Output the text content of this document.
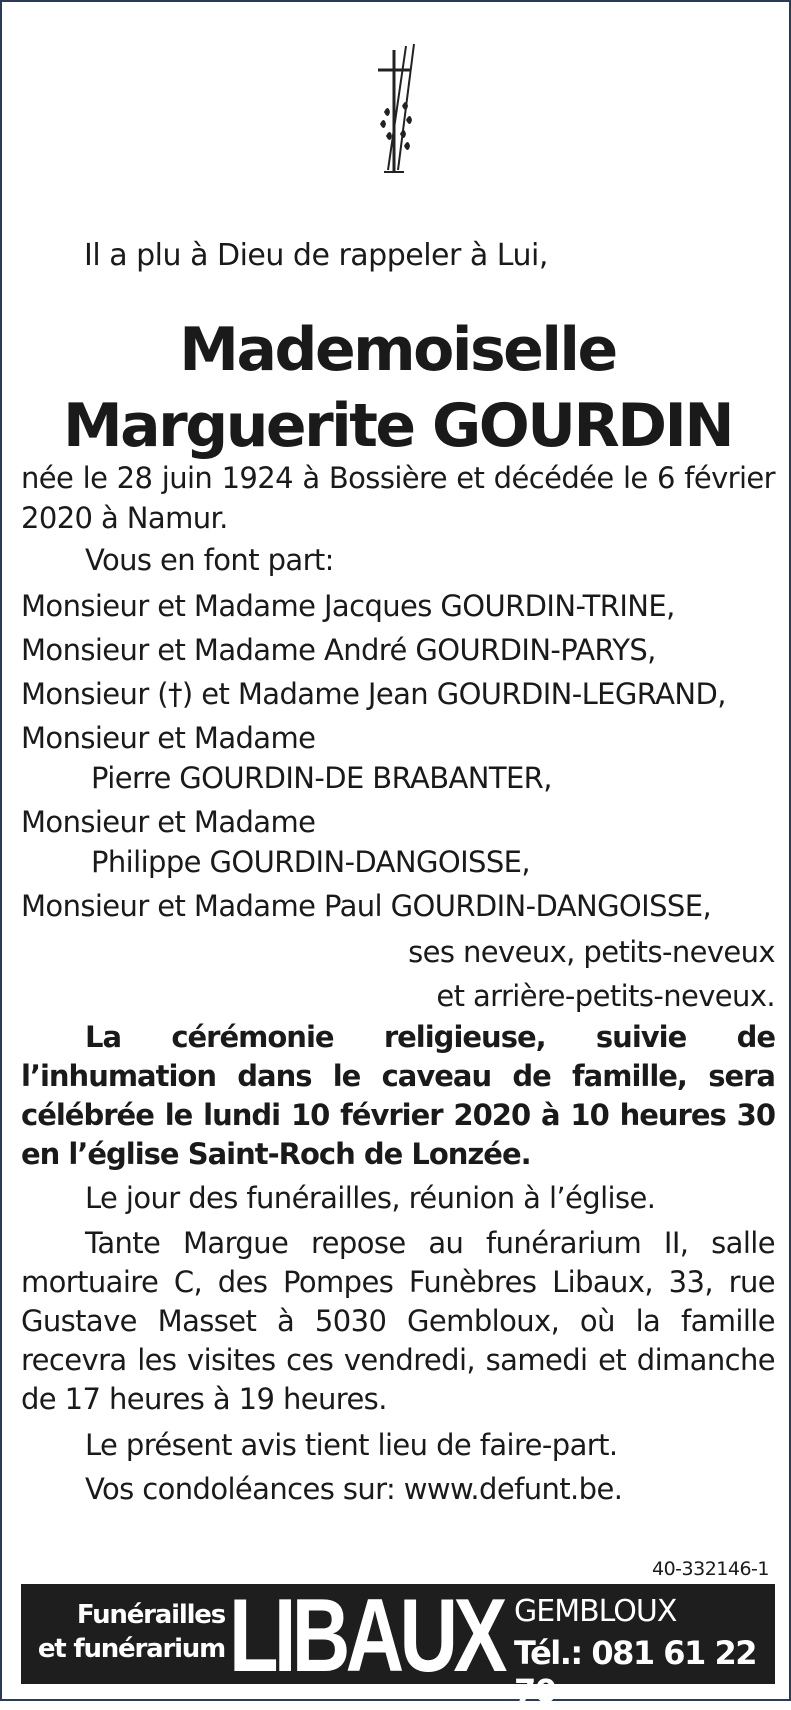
Il a plu à Dieu de rappeler à Lui,
Mademoiselle
Marguerite GOURDIN

née le 28 juin 1924 à Bossière et décédée le 6 février 2020 à Namur.

Vous en font part:

Monsieur et Madame Jacques GOURDIN-TRINE,

Monsieur et Madame André GOURDIN-PARYS,

Monsieur (†) et Madame Jean GOURDIN-LEGRAND,

Monsieur et Madame

Pierre GOURDIN-DE BRABANTER,

Monsieur et Madame

Philippe GOURDIN-DANGOISSE,

Monsieur et Madame Paul GOURDIN-DANGOISSE,

ses neveux, petits-neveux

et arrière-petits-neveux.

La cérémonie religieuse, suivie de l’inhumation dans le caveau de famille, sera célébrée le lundi 10 février 2020 à 10 heures 30 en l’église Saint-Roch de Lonzée.

Le jour des funérailles, réunion à l’église.

Tante Margue repose au funérarium II, salle mortuaire C, des Pompes Funèbres Libaux, 33, rue Gustave Masset à 5030 Gembloux, où la famille recevra les visites ces vendredi, samedi et dimanche de 17 heures à 19 heures.

Le présent avis tient lieu de faire-part.

Vos condoléances sur: www.defunt.be.

40-332146-1
Funérailles
et funérarium LIBAUX GEMBLOUX
Tél.: 081 61 22 70
